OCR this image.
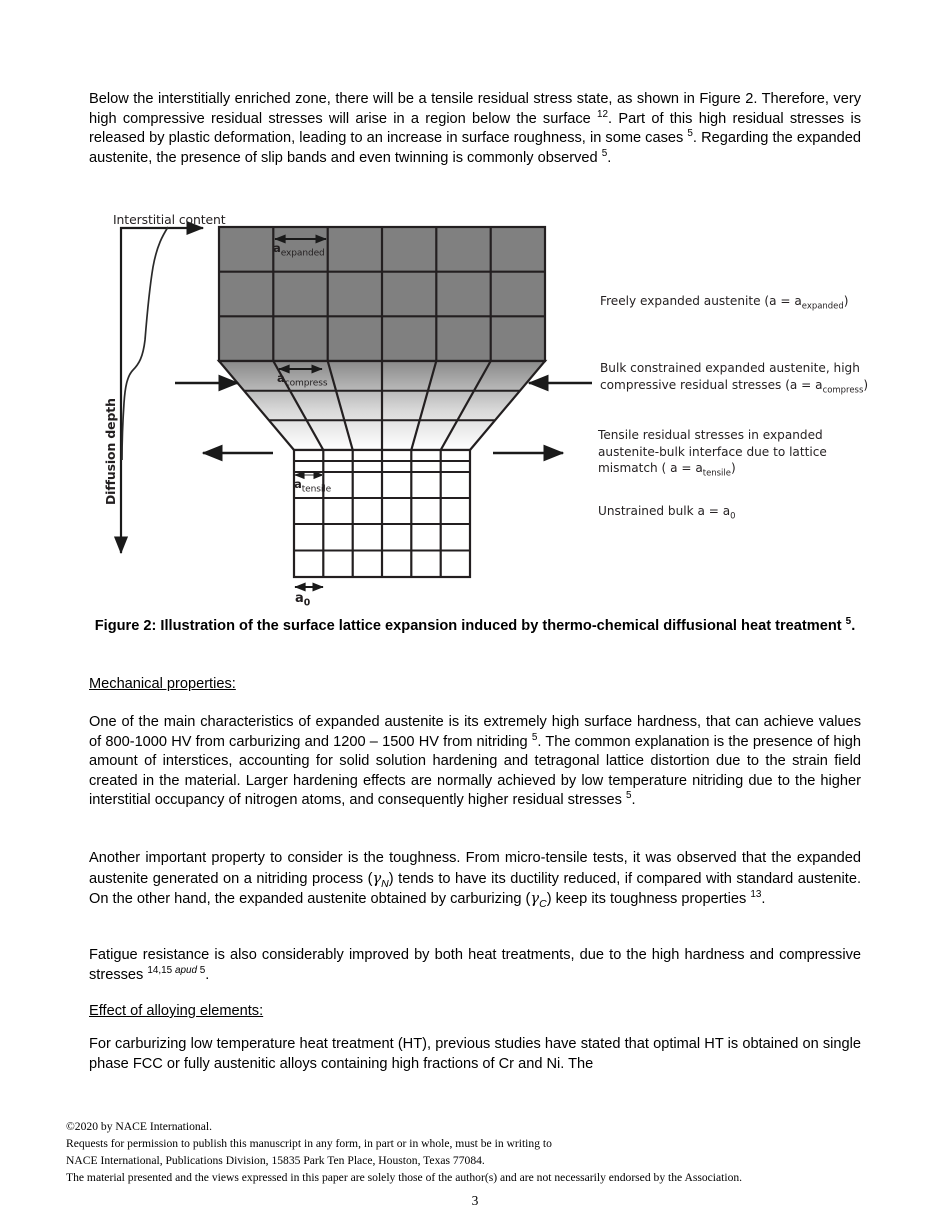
Below the interstitially enriched zone, there will be a tensile residual stress state, as shown in Figure 2. Therefore, very high compressive residual stresses will arise in a region below the surface $^{12}$. Part of this high residual stresses is released by plastic deformation, leading to an increase in surface roughness, in some cases $^5$. Regarding the expanded austenite, the presence of slip bands and even twinning is commonly observed $^5$.
Interstitial content
Diffusion depth
$a_{expanded}$
$a_{compress}$
$a_{tensile}$
$a_0$
Freely expanded austenite $(a = a_{expanded})$
Bulk constrained expanded austenite, high
compressive residual stresses $(a = a_{compress})$
Tensile residual stresses in expanded
austenite-bulk interface due to lattice
mismatch ( $a = a_{tensile}$)
Unstrained bulk $a = a_0$
Figure 2: Illustration of the surface lattice expansion induced by thermo-chemical diffusional heat treatment $^5$.
Mechanical properties:
One of the main characteristics of expanded austenite is its extremely high surface hardness, that can achieve values of 800-1000 HV from carburizing and 1200 – 1500 HV from nitriding $^5$. The common explanation is the presence of high amount of interstices, accounting for solid solution hardening and tetragonal lattice distortion due to the strain field created in the material. Larger hardening effects are normally achieved by low temperature nitriding due to the higher interstitial occupancy of nitrogen atoms, and consequently higher residual stresses $^5$.
Another important property to consider is the toughness. From micro-tensile tests, it was observed that the expanded austenite generated on a nitriding process $(\gamma_N)$ tends to have its ductility reduced, if compared with standard austenite. On the other hand, the expanded austenite obtained by carburizing $(\gamma_C)$ keep its toughness properties $^{13}$.
Fatigue resistance is also considerably improved by both heat treatments, due to the high hardness and compressive stresses $^{14,15 apud 5}$.
Effect of alloying elements:
For carburizing low temperature heat treatment (HT), previous studies have stated that optimal HT is obtained on single phase FCC or fully austenitic alloys containing high fractions of Cr and Ni. The
©2020 by NACE International.
Requests for permission to publish this manuscript in any form, in part or in whole, must be in writing to
NACE International, Publications Division, 15835 Park Ten Place, Houston, Texas 77084.
The material presented and the views expressed in this paper are solely those of the author(s) and are not necessarily endorsed by the Association.
3
